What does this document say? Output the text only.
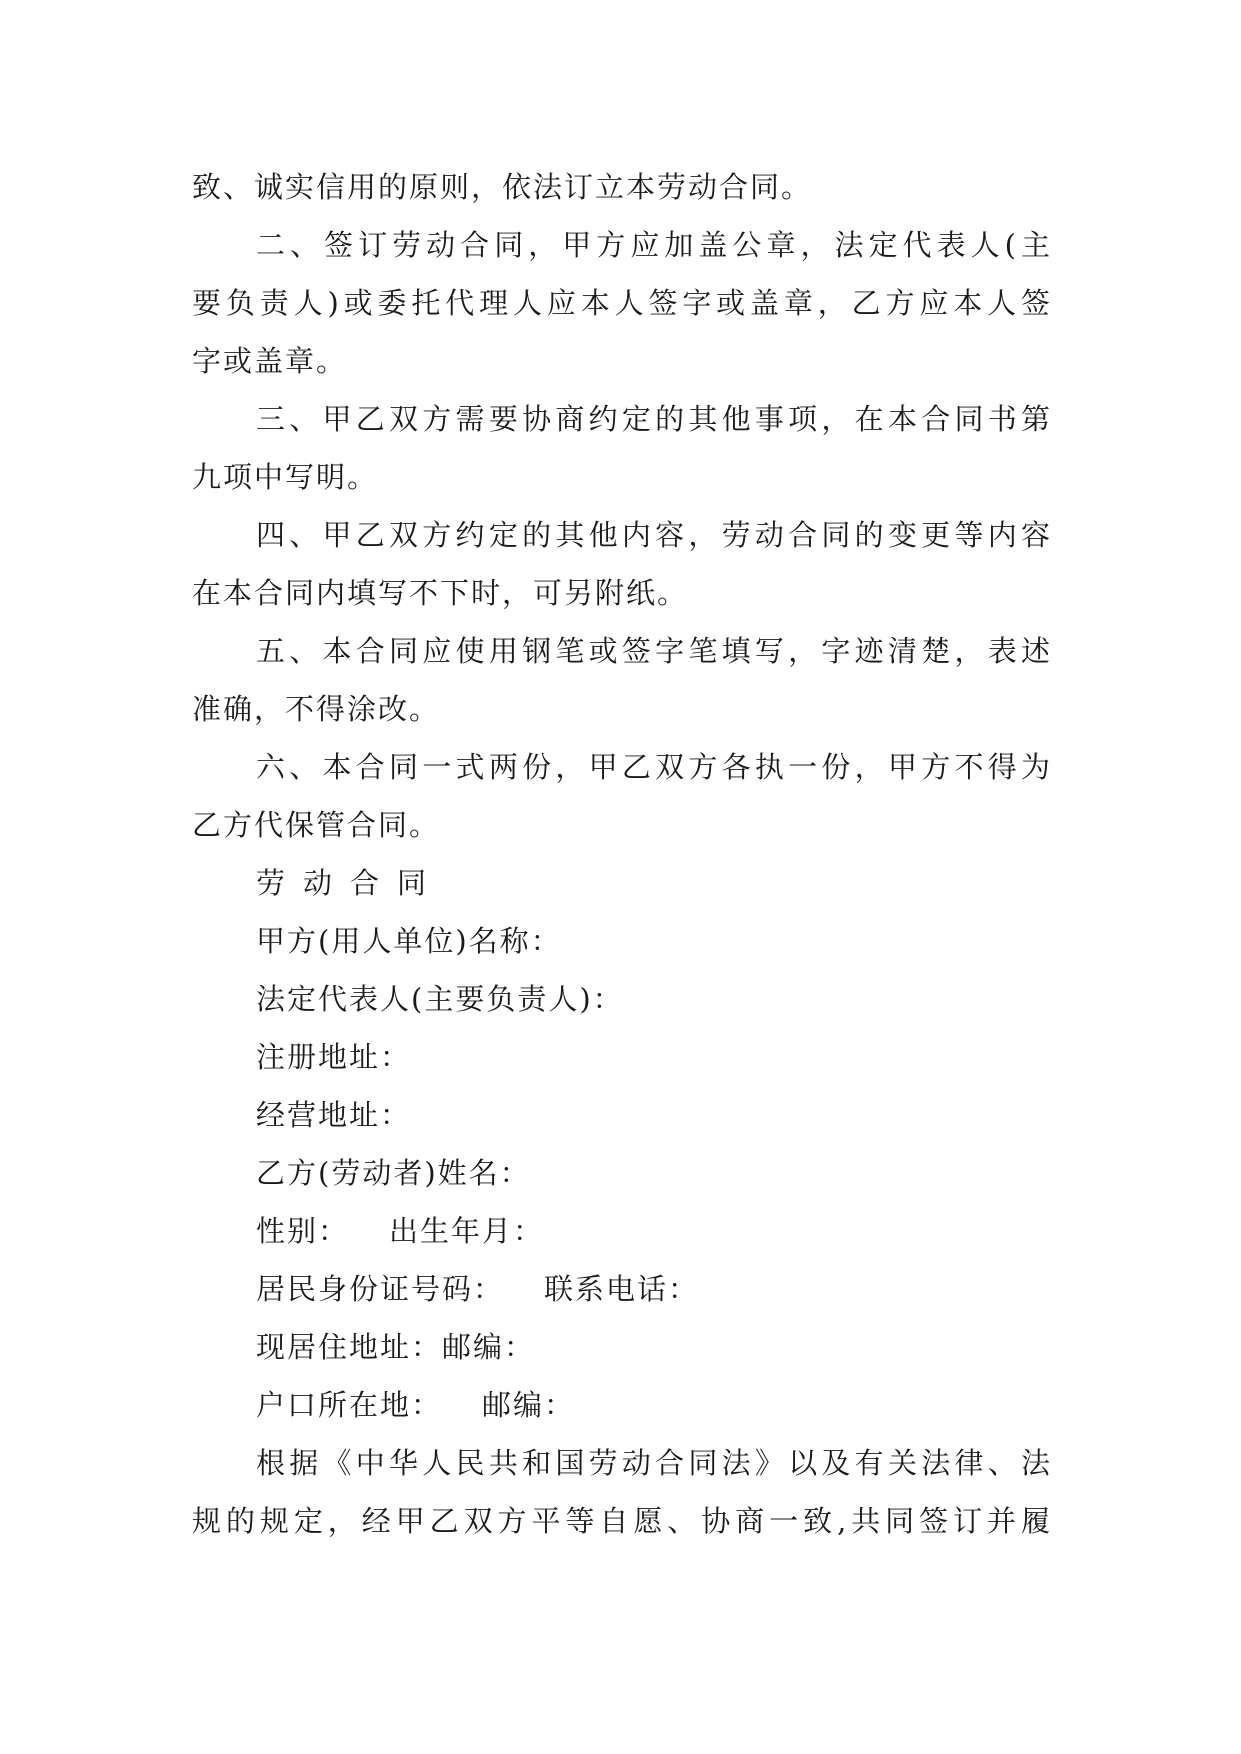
致、诚实信用的原则，依法订立本劳动合同。
二、签订劳动合同，甲方应加盖公章，法定代表人(主
要负责人)或委托代理人应本人签字或盖章，乙方应本人签
字或盖章。
三、甲乙双方需要协商约定的其他事项，在本合同书第
九项中写明。
四、甲乙双方约定的其他内容，劳动合同的变更等内容
在本合同内填写不下时，可另附纸。
五、本合同应使用钢笔或签字笔填写，字迹清楚，表述
准确，不得涂改。
六、本合同一式两份，甲乙双方各执一份，甲方不得为
乙方代保管合同。
劳动合同
甲方(用人单位)名称：
法定代表人(主要负责人)：
注册地址：
经营地址：
乙方(劳动者)姓名：
性别： 出生年月：
居民身份证号码： 联系电话：
现居住地址：邮编：
户口所在地： 邮编：
根据《中华人民共和国劳动合同法》以及有关法律、法
规的规定，经甲乙双方平等自愿、协商一致,共同签订并履
